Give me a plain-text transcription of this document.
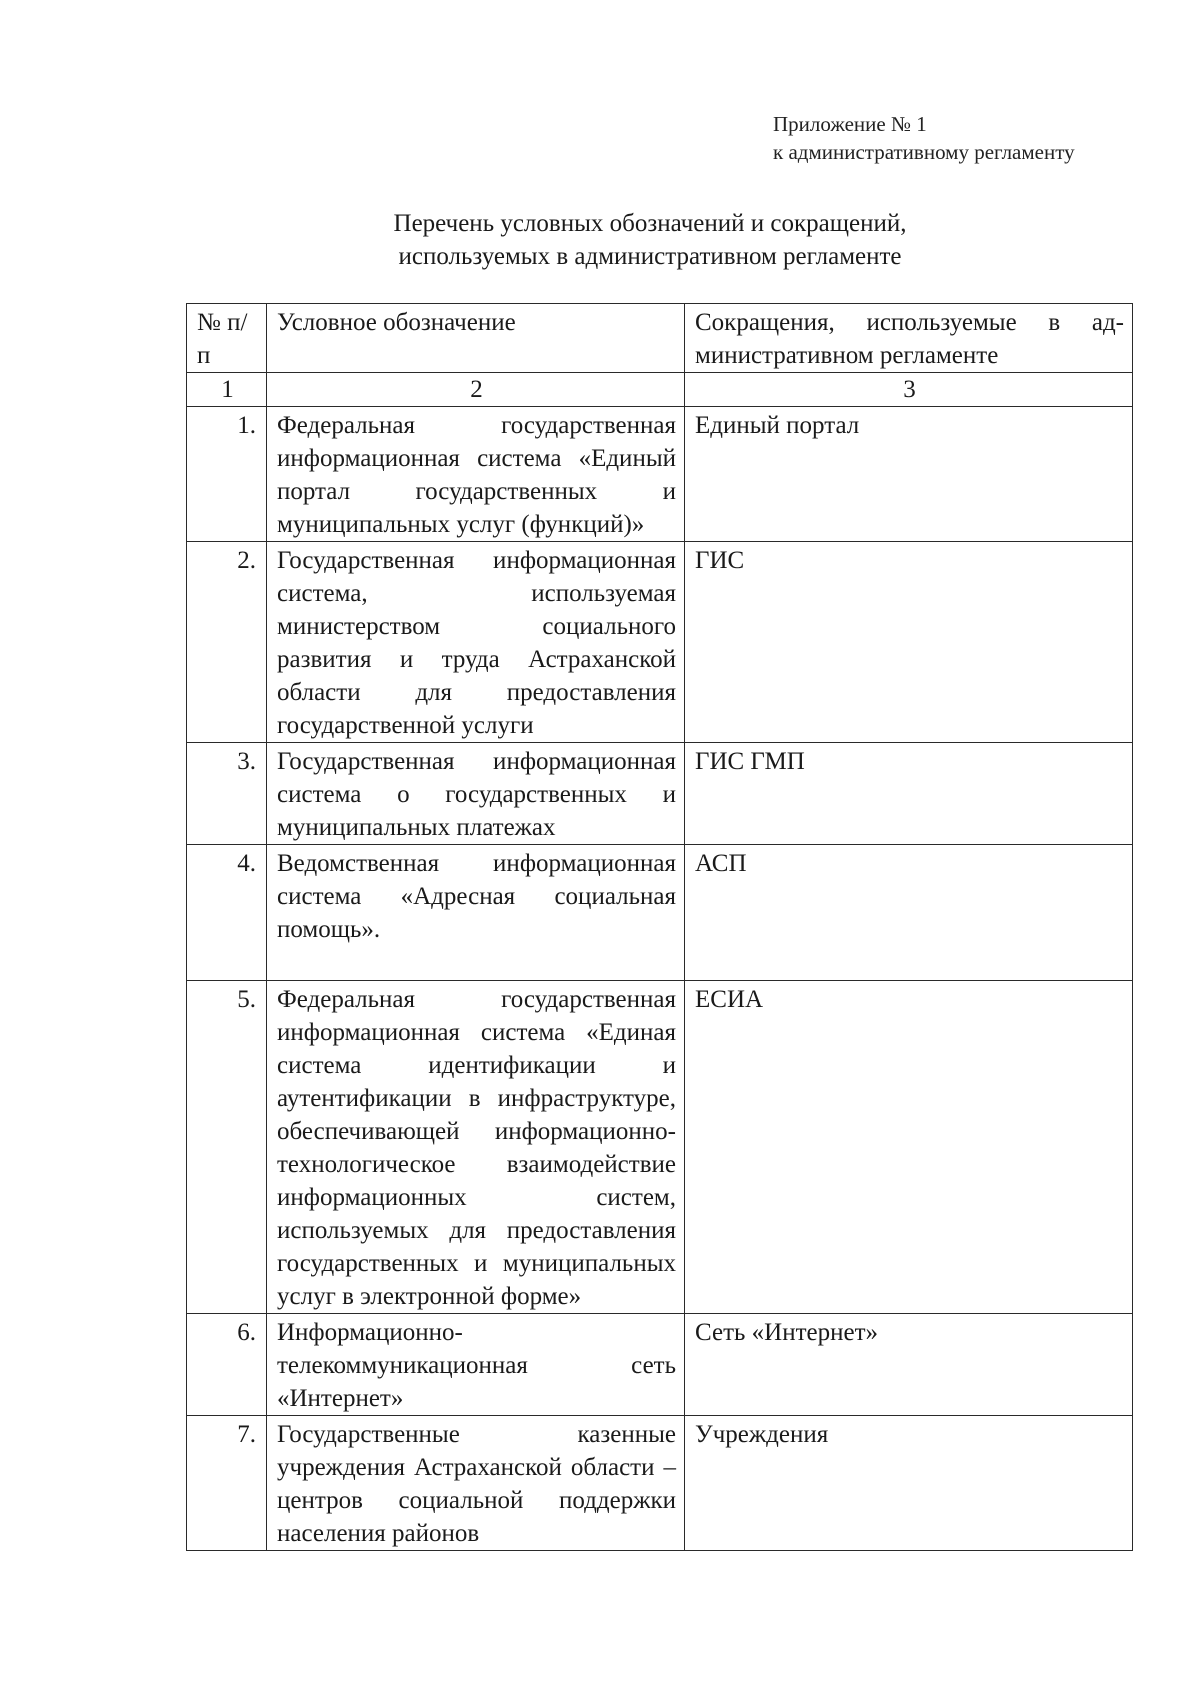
Приложение № 1
к административному регламенту
Перечень условных обозначений и сокращений,
используемых в административном регламенте
№ п/п	Условное обозначение	Сокращения, используемые в административном регламенте
1	2	3
1.	Федеральная государственная информационная система «Единый портал государственных и муниципальных услуг (функций)»	Единый портал
2.	Государственная информационная система, используемая министерством социального развития и труда Астраханской области для предоставления государственной услуги	ГИС
3.	Государственная информационная система о государственных и муниципальных платежах	ГИС ГМП
4.	Ведомственная информационная система «Адресная социальная помощь».	АСП
5.	Федеральная государственная информационная система «Единая система идентификации и аутентификации в инфраструктуре, обеспечивающей информационно-технологическое взаимодействие информационных систем, используемых для предоставления государственных и муниципальных услуг в электронной форме»	ЕСИА
6.	Информационно-телекоммуникационная сеть «Интернет»	Сеть «Интернет»
7.	Государственные казенные учреждения Астраханской области – центров социальной поддержки населения районов	Учреждения
